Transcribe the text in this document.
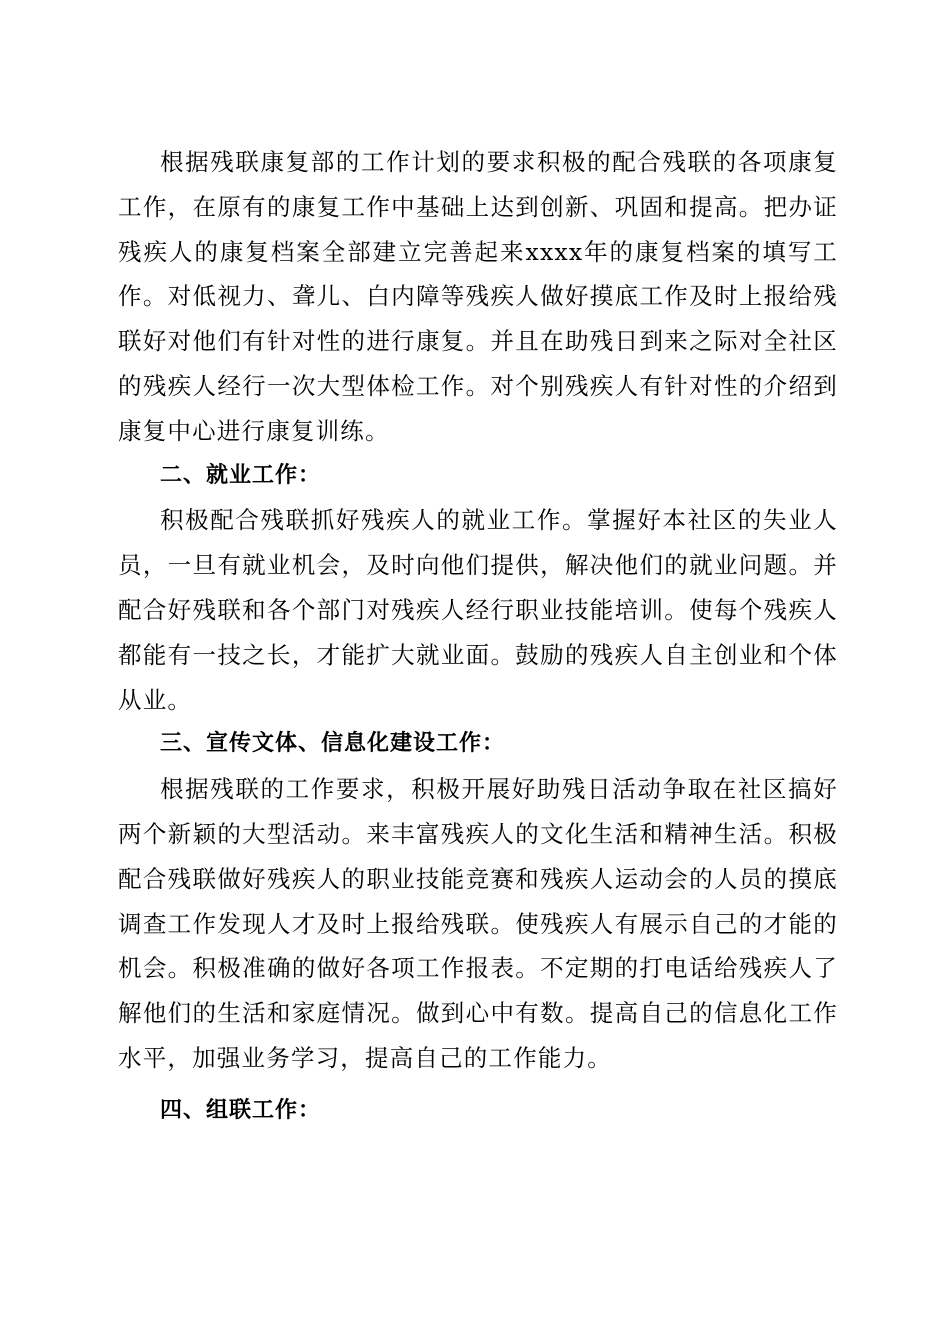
根据残联康复部的工作计划的要求积极的配合残联的各项康复工作，在原有的康复工作中基础上达到创新、巩固和提高。把办证残疾人的康复档案全部建立完善起来xxxx年的康复档案的填写工作。对低视力、聋儿、白内障等残疾人做好摸底工作及时上报给残联好对他们有针对性的进行康复。并且在助残日到来之际对全社区的残疾人经行一次大型体检工作。对个别残疾人有针对性的介绍到康复中心进行康复训练。

二、就业工作：

积极配合残联抓好残疾人的就业工作。掌握好本社区的失业人员，一旦有就业机会，及时向他们提供，解决他们的就业问题。并配合好残联和各个部门对残疾人经行职业技能培训。使每个残疾人都能有一技之长，才能扩大就业面。鼓励的残疾人自主创业和个体从业。

三、宣传文体、信息化建设工作：

根据残联的工作要求，积极开展好助残日活动争取在社区搞好两个新颖的大型活动。来丰富残疾人的文化生活和精神生活。积极配合残联做好残疾人的职业技能竞赛和残疾人运动会的人员的摸底调查工作发现人才及时上报给残联。使残疾人有展示自己的才能的机会。积极准确的做好各项工作报表。不定期的打电话给残疾人了解他们的生活和家庭情况。做到心中有数。提高自己的信息化工作水平，加强业务学习，提高自己的工作能力。

四、组联工作：
